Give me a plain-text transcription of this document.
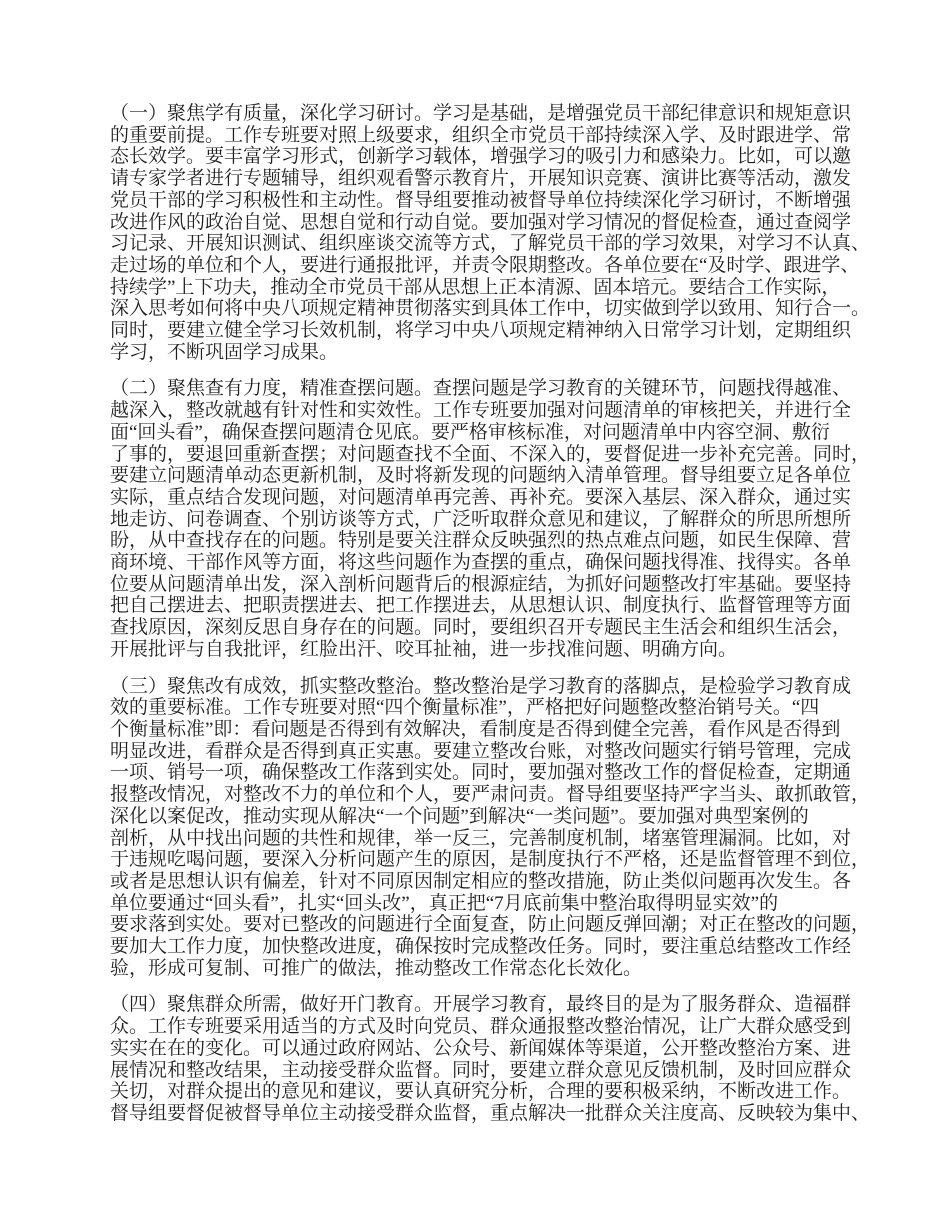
（一）聚焦学有质量，深化学习研讨。学习是基础，是增强党员干部纪律意识和规矩意识
的重要前提。工作专班要对照上级要求，组织全市党员干部持续深入学、及时跟进学、常
态长效学。要丰富学习形式，创新学习载体，增强学习的吸引力和感染力。比如，可以邀
请专家学者进行专题辅导，组织观看警示教育片，开展知识竞赛、演讲比赛等活动，激发
党员干部的学习积极性和主动性。督导组要推动被督导单位持续深化学习研讨，不断增强
改进作风的政治自觉、思想自觉和行动自觉。要加强对学习情况的督促检查，通过查阅学
习记录、开展知识测试、组织座谈交流等方式，了解党员干部的学习效果，对学习不认真、
走过场的单位和个人，要进行通报批评，并责令限期整改。各单位要在“及时学、跟进学、
持续学”上下功夫，推动全市党员干部从思想上正本清源、固本培元。要结合工作实际，
深入思考如何将中央八项规定精神贯彻落实到具体工作中，切实做到学以致用、知行合一。
同时，要建立健全学习长效机制，将学习中央八项规定精神纳入日常学习计划，定期组织
学习，不断巩固学习成果。

（二）聚焦查有力度，精准查摆问题。查摆问题是学习教育的关键环节，问题找得越准、
越深入，整改就越有针对性和实效性。工作专班要加强对问题清单的审核把关，并进行全
面“回头看”，确保查摆问题清仓见底。要严格审核标准，对问题清单中内容空洞、敷衍
了事的，要退回重新查摆；对问题查找不全面、不深入的，要督促进一步补充完善。同时，
要建立问题清单动态更新机制，及时将新发现的问题纳入清单管理。督导组要立足各单位
实际，重点结合发现问题，对问题清单再完善、再补充。要深入基层、深入群众，通过实
地走访、问卷调查、个别访谈等方式，广泛听取群众意见和建议，了解群众的所思所想所
盼，从中查找存在的问题。特别是要关注群众反映强烈的热点难点问题，如民生保障、营
商环境、干部作风等方面，将这些问题作为查摆的重点，确保问题找得准、找得实。各单
位要从问题清单出发，深入剖析问题背后的根源症结，为抓好问题整改打牢基础。要坚持
把自己摆进去、把职责摆进去、把工作摆进去，从思想认识、制度执行、监督管理等方面
查找原因，深刻反思自身存在的问题。同时，要组织召开专题民主生活会和组织生活会，
开展批评与自我批评，红脸出汗、咬耳扯袖，进一步找准问题、明确方向。

（三）聚焦改有成效，抓实整改整治。整改整治是学习教育的落脚点，是检验学习教育成
效的重要标准。工作专班要对照“四个衡量标准”，严格把好问题整改整治销号关。“四
个衡量标准”即：看问题是否得到有效解决，看制度是否得到健全完善，看作风是否得到
明显改进，看群众是否得到真正实惠。要建立整改台账，对整改问题实行销号管理，完成
一项、销号一项，确保整改工作落到实处。同时，要加强对整改工作的督促检查，定期通
报整改情况，对整改不力的单位和个人，要严肃问责。督导组要坚持严字当头、敢抓敢管，
深化以案促改，推动实现从解决“一个问题”到解决“一类问题”。要加强对典型案例的
剖析，从中找出问题的共性和规律，举一反三，完善制度机制，堵塞管理漏洞。比如，对
于违规吃喝问题，要深入分析问题产生的原因，是制度执行不严格，还是监督管理不到位，
或者是思想认识有偏差，针对不同原因制定相应的整改措施，防止类似问题再次发生。各
单位要通过“回头看”，扎实“回头改”，真正把“7月底前集中整治取得明显实效”的
要求落到实处。要对已整改的问题进行全面复查，防止问题反弹回潮；对正在整改的问题，
要加大工作力度，加快整改进度，确保按时完成整改任务。同时，要注重总结整改工作经
验，形成可复制、可推广的做法，推动整改工作常态化长效化。

（四）聚焦群众所需，做好开门教育。开展学习教育，最终目的是为了服务群众、造福群
众。工作专班要采用适当的方式及时向党员、群众通报整改整治情况，让广大群众感受到
实实在在的变化。可以通过政府网站、公众号、新闻媒体等渠道，公开整改整治方案、进
展情况和整改结果，主动接受群众监督。同时，要建立群众意见反馈机制，及时回应群众
关切，对群众提出的意见和建议，要认真研究分析，合理的要积极采纳，不断改进工作。
督导组要督促被督导单位主动接受群众监督，重点解决一批群众关注度高、反映较为集中、
